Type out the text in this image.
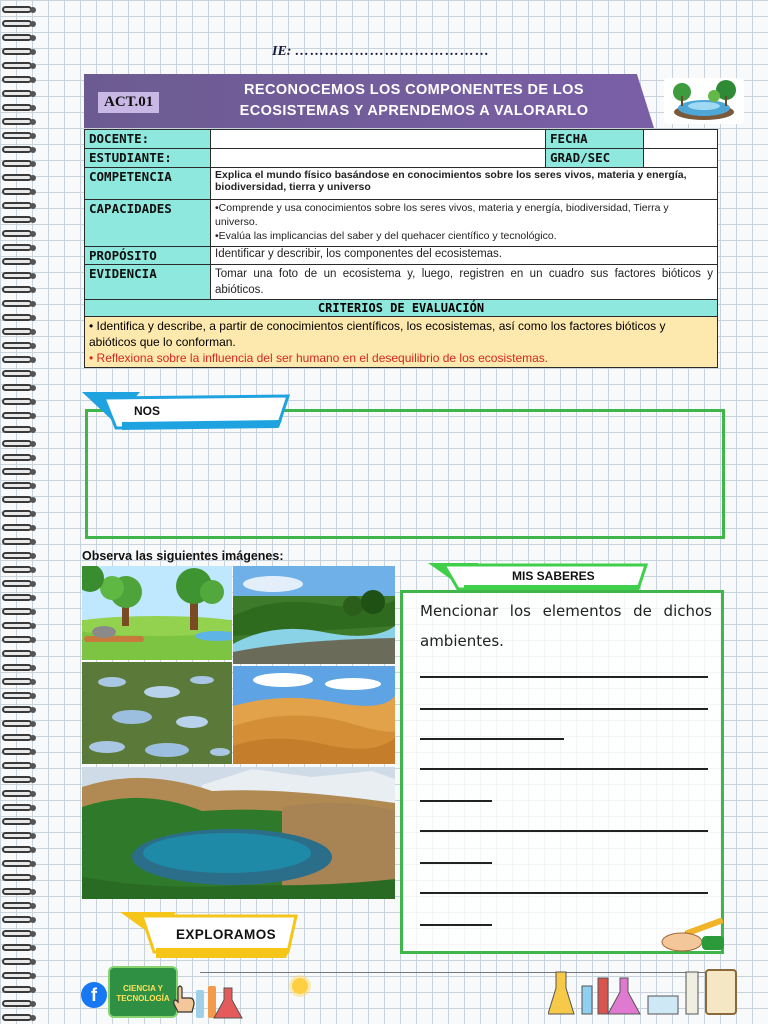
IE: …………………………………
ACT.01
RECONOCEMOS LOS COMPONENTES DE LOS ECOSISTEMAS Y APRENDEMOS A VALORARLO
DOCENTE:		FECHA	
ESTUDIANTE:		GRAD/SEC	
COMPETENCIA	Explica el mundo físico basándose en conocimientos sobre los seres vivos, materia y energía, biodiversidad, tierra y universo		
CAPACIDADES	•Comprende y usa conocimientos sobre los seres vivos, materia y energía, biodiversidad, Tierra y universo.
•Evalúa las implicancias del saber y del quehacer científico y tecnológico.		

PROPÓSITO	Identificar y describir, los componentes del ecosistemas.		
EVIDENCIA	Tomar una foto de un ecosistema y, luego, registren en un cuadro sus factores bióticos y abióticos.		
CRITERIOS DE EVALUACIÓN			

• Identifica y describe, a partir de conocimientos científicos, los ecosistemas, así como los factores bióticos y abióticos que lo conforman.
• Reflexiona sobre la influencia del ser humano en el desequilibrio de los ecosistemas.			
NOS
Observa las siguientes imágenes:
MIS SABERES
Mencionar los elementos de dichos ambientes.
EXPLORAMOS
f	CIENCIA Y TECNOLOGÍA
